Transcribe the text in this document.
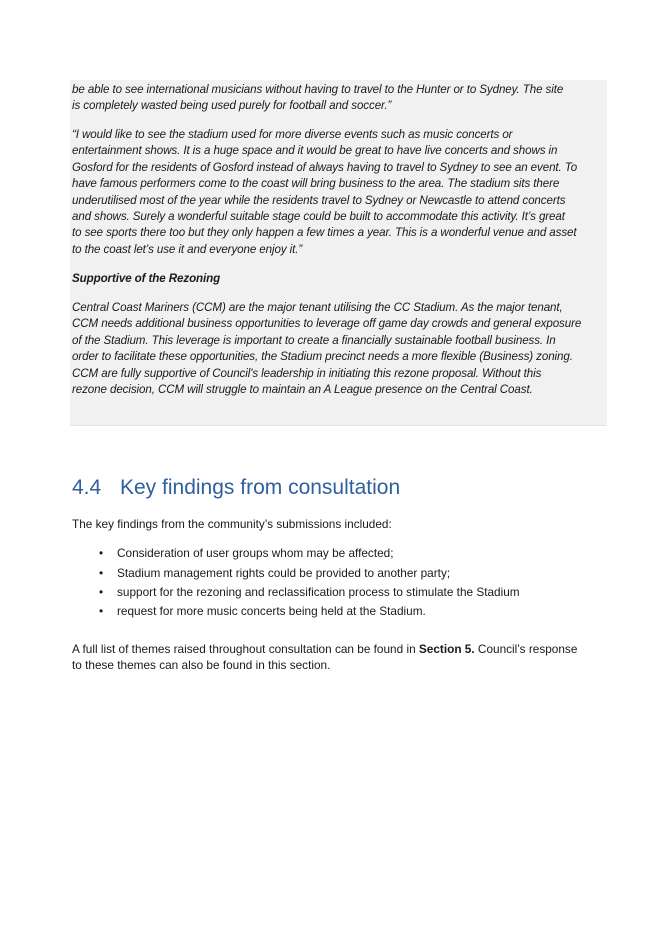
be able to see international musicians without having to travel to the Hunter or to Sydney. The site
is completely wasted being used purely for football and soccer.”
“I would like to see the stadium used for more diverse events such as music concerts or
entertainment shows. It is a huge space and it would be great to have live concerts and shows in
Gosford for the residents of Gosford instead of always having to travel to Sydney to see an event. To
have famous performers come to the coast will bring business to the area. The stadium sits there
underutilised most of the year while the residents travel to Sydney or Newcastle to attend concerts
and shows. Surely a wonderful suitable stage could be built to accommodate this activity. It’s great
to see sports there too but they only happen a few times a year. This is a wonderful venue and asset
to the coast let’s use it and everyone enjoy it.”
Supportive of the Rezoning
Central Coast Mariners (CCM) are the major tenant utilising the CC Stadium. As the major tenant,
CCM needs additional business opportunities to leverage off game day crowds and general exposure
of the Stadium. This leverage is important to create a financially sustainable football business. In
order to facilitate these opportunities, the Stadium precinct needs a more flexible (Business) zoning.
CCM are fully supportive of Council's leadership in initiating this rezone proposal. Without this
rezone decision, CCM will struggle to maintain an A League presence on the Central Coast.
4.4 Key findings from consultation
The key findings from the community’s submissions included:
• Consideration of user groups whom may be affected;
• Stadium management rights could be provided to another party;
• support for the rezoning and reclassification process to stimulate the Stadium
• request for more music concerts being held at the Stadium.
A full list of themes raised throughout consultation can be found in Section 5. Council’s response
to these themes can also be found in this section.
